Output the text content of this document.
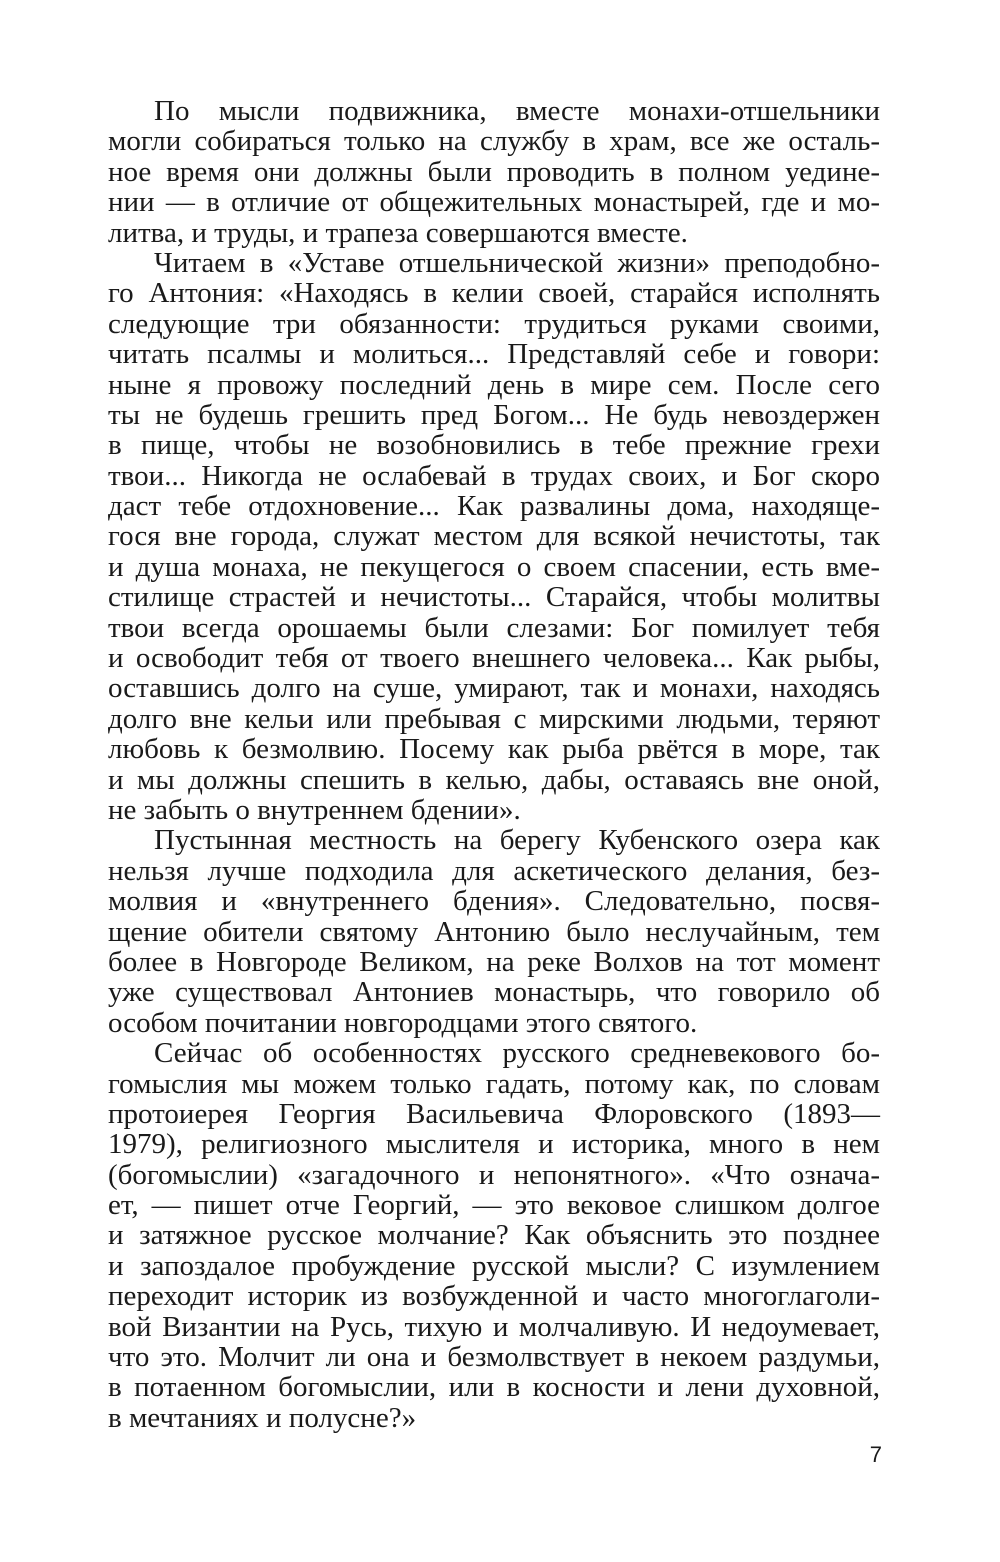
По мысли подвижника, вместе монахи-отшельники
могли собираться только на службу в храм, все же осталь-
ное время они должны были проводить в полном уедине-
нии — в отличие от общежительных монастырей, где и мо-
литва, и труды, и трапеза совершаются вместе.
Читаем в «Уставе отшельнической жизни» преподобно-
го Антония: «Находясь в келии своей, старайся исполнять
следующие три обязанности: трудиться руками своими,
читать псалмы и молиться... Представляй себе и говори:
ныне я провожу последний день в мире сем. После сего
ты не будешь грешить пред Богом... Не будь невоздержен
в пище, чтобы не возобновились в тебе прежние грехи
твои... Никогда не ослабевай в трудах своих, и Бог скоро
даст тебе отдохновение... Как развалины дома, находяще-
гося вне города, служат местом для всякой нечистоты, так
и душа монаха, не пекущегося о своем спасении, есть вме-
стилище страстей и нечистоты... Старайся, чтобы молитвы
твои всегда орошаемы были слезами: Бог помилует тебя
и освободит тебя от твоего внешнего человека... Как рыбы,
оставшись долго на суше, умирают, так и монахи, находясь
долго вне кельи или пребывая с мирскими людьми, теряют
любовь к безмолвию. Посему как рыба рвётся в море, так
и мы должны спешить в келью, дабы, оставаясь вне оной,
не забыть о внутреннем бдении».
Пустынная местность на берегу Кубенского озера как
нельзя лучше подходила для аскетического делания, без-
молвия и «внутреннего бдения». Следовательно, посвя-
щение обители святому Антонию было неслучайным, тем
более в Новгороде Великом, на реке Волхов на тот момент
уже существовал Антониев монастырь, что говорило об
особом почитании новгородцами этого святого.
Сейчас об особенностях русского средневекового бо-
гомыслия мы можем только гадать, потому как, по словам
протоиерея Георгия Васильевича Флоровского (1893—
1979), религиозного мыслителя и историка, много в нем
(богомыслии) «загадочного и непонятного». «Что означа-
ет, — пишет отче Георгий, — это вековое слишком долгое
и затяжное русское молчание? Как объяснить это позднее
и запоздалое пробуждение русской мысли? С изумлением
переходит историк из возбужденной и часто многоглаголи-
вой Византии на Русь, тихую и молчаливую. И недоумевает,
что это. Молчит ли она и безмолвствует в некоем раздумьи,
в потаенном богомыслии, или в косности и лени духовной,
в мечтаниях и полусне?»
7
